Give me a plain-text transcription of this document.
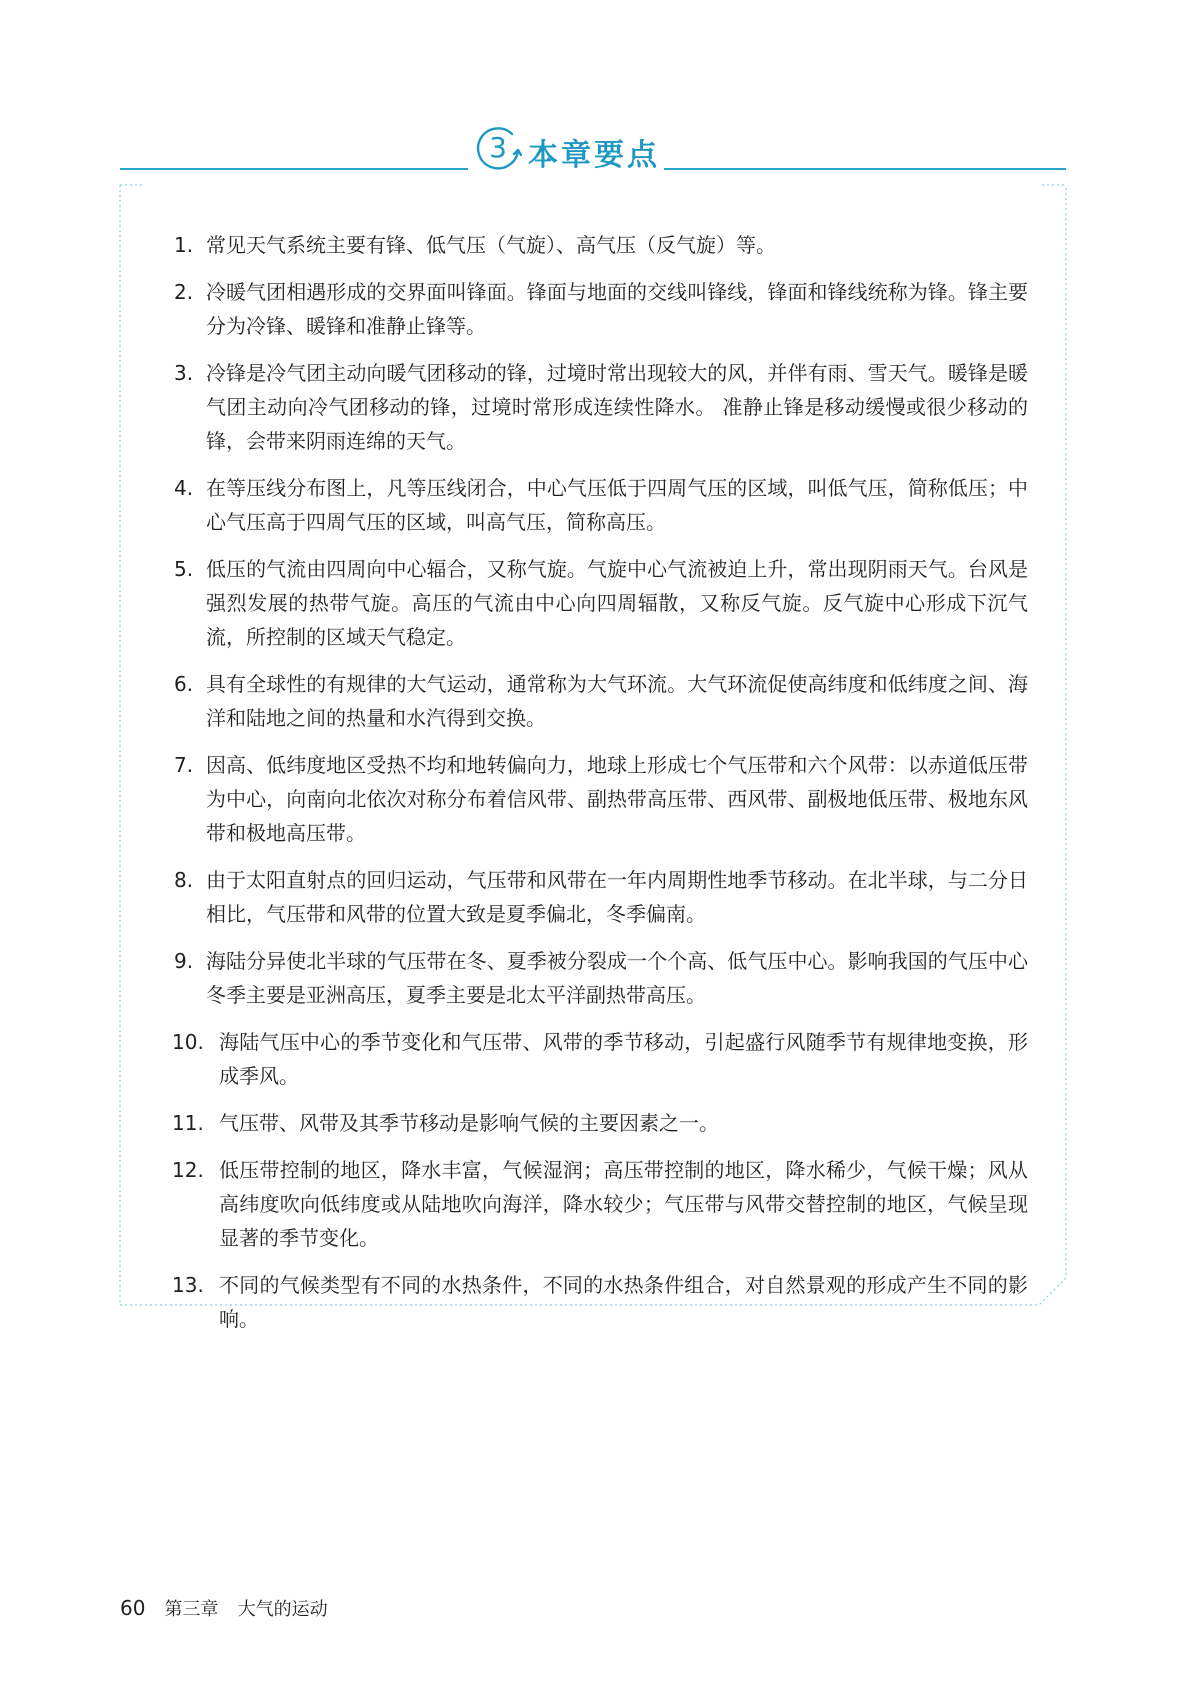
3 本章要点
1. 常见天气系统主要有锋、低气压（气旋）、高气压（反气旋）等。
2. 冷暖气团相遇形成的交界面叫锋面。锋面与地面的交线叫锋线，锋面和锋线统称为锋。锋主要分为冷锋、暖锋和准静止锋等。
3. 冷锋是冷气团主动向暖气团移动的锋，过境时常出现较大的风，并伴有雨、雪天气。暖锋是暖气团主动向冷气团移动的锋，过境时常形成连续性降水。 准静止锋是移动缓慢或很少移动的锋，会带来阴雨连绵的天气。
4. 在等压线分布图上，凡等压线闭合，中心气压低于四周气压的区域，叫低气压，简称低压；中心气压高于四周气压的区域，叫高气压，简称高压。
5. 低压的气流由四周向中心辐合，又称气旋。气旋中心气流被迫上升，常出现阴雨天气。台风是强烈发展的热带气旋。高压的气流由中心向四周辐散，又称反气旋。反气旋中心形成下沉气流，所控制的区域天气稳定。
6. 具有全球性的有规律的大气运动，通常称为大气环流。大气环流促使高纬度和低纬度之间、海洋和陆地之间的热量和水汽得到交换。
7. 因高、低纬度地区受热不均和地转偏向力，地球上形成七个气压带和六个风带：以赤道低压带为中心，向南向北依次对称分布着信风带、副热带高压带、西风带、副极地低压带、极地东风带和极地高压带。
8. 由于太阳直射点的回归运动，气压带和风带在一年内周期性地季节移动。在北半球，与二分日相比，气压带和风带的位置大致是夏季偏北，冬季偏南。
9. 海陆分异使北半球的气压带在冬、夏季被分裂成一个个高、低气压中心。影响我国的气压中心冬季主要是亚洲高压，夏季主要是北太平洋副热带高压。
10. 海陆气压中心的季节变化和气压带、风带的季节移动，引起盛行风随季节有规律地变换，形成季风。
11. 气压带、风带及其季节移动是影响气候的主要因素之一。
12. 低压带控制的地区，降水丰富，气候湿润；高压带控制的地区，降水稀少，气候干燥；风从高纬度吹向低纬度或从陆地吹向海洋，降水较少；气压带与风带交替控制的地区，气候呈现显著的季节变化。
13. 不同的气候类型有不同的水热条件，不同的水热条件组合，对自然景观的形成产生不同的影响。
60 第三章 大气的运动
